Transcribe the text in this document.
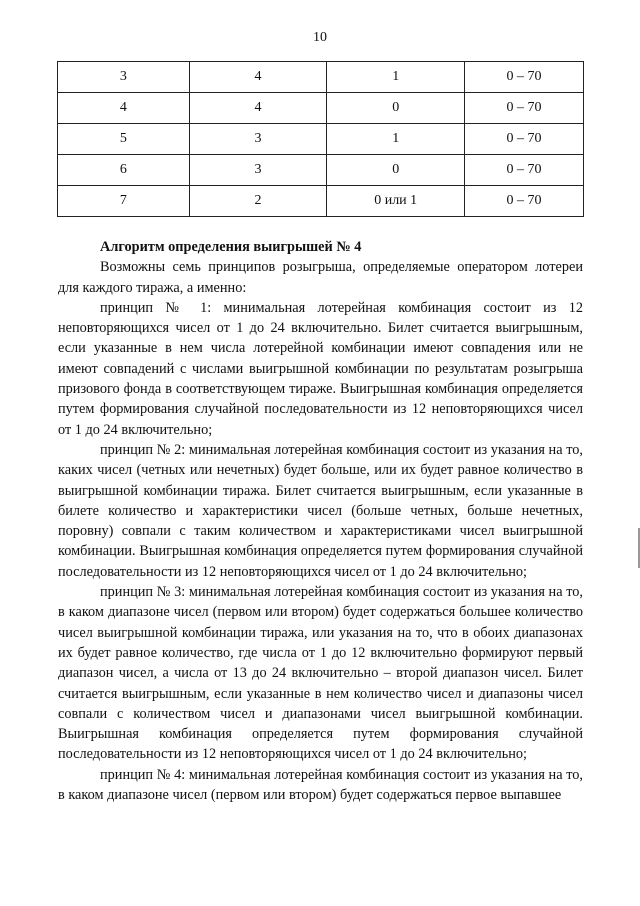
10
3	4	1	0 – 70
4	4	0	0 – 70
5	3	1	0 – 70
6	3	0	0 – 70
7	2	0 или 1	0 – 70

Алгоритм определения выигрышей № 4

Возможны семь принципов розыгрыша, определяемые оператором лотереи для каждого тиража, а именно:

принцип № 1: минимальная лотерейная комбинация состоит из 12 неповторяющихся чисел от 1 до 24 включительно. Билет считается выигрышным, если указанные в нем числа лотерейной комбинации имеют совпадения или не имеют совпадений с числами выигрышной комбинации по результатам розыгрыша призового фонда в соответствующем тираже. Выигрышная комбинация определяется путем формирования случайной последовательности из 12 неповторяющихся чисел от 1 до 24 включительно;

принцип № 2: минимальная лотерейная комбинация состоит из указания на то, каких чисел (четных или нечетных) будет больше, или их будет равное количество в выигрышной комбинации тиража. Билет считается выигрышным, если указанные в билете количество и характеристики чисел (больше четных, больше нечетных, поровну) совпали с таким количеством и характеристиками чисел выигрышной комбинации. Выигрышная комбинация определяется путем формирования случайной последовательности из 12 неповторяющихся чисел от 1 до 24 включительно;

принцип № 3: минимальная лотерейная комбинация состоит из указания на то, в каком диапазоне чисел (первом или втором) будет содержаться большее количество чисел выигрышной комбинации тиража, или указания на то, что в обоих диапазонах их будет равное количество, где числа от 1 до 12 включительно формируют первый диапазон чисел, а числа от 13 до 24 включительно – второй диапазон чисел. Билет считается выигрышным, если указанные в нем количество чисел и диапазоны чисел совпали с количеством чисел и диапазонами чисел выигрышной комбинации. Выигрышная комбинация определяется путем формирования случайной последовательности из 12 неповторяющихся чисел от 1 до 24 включительно;

принцип № 4: минимальная лотерейная комбинация состоит из указания на то, в каком диапазоне чисел (первом или втором) будет содержаться первое выпавшее
